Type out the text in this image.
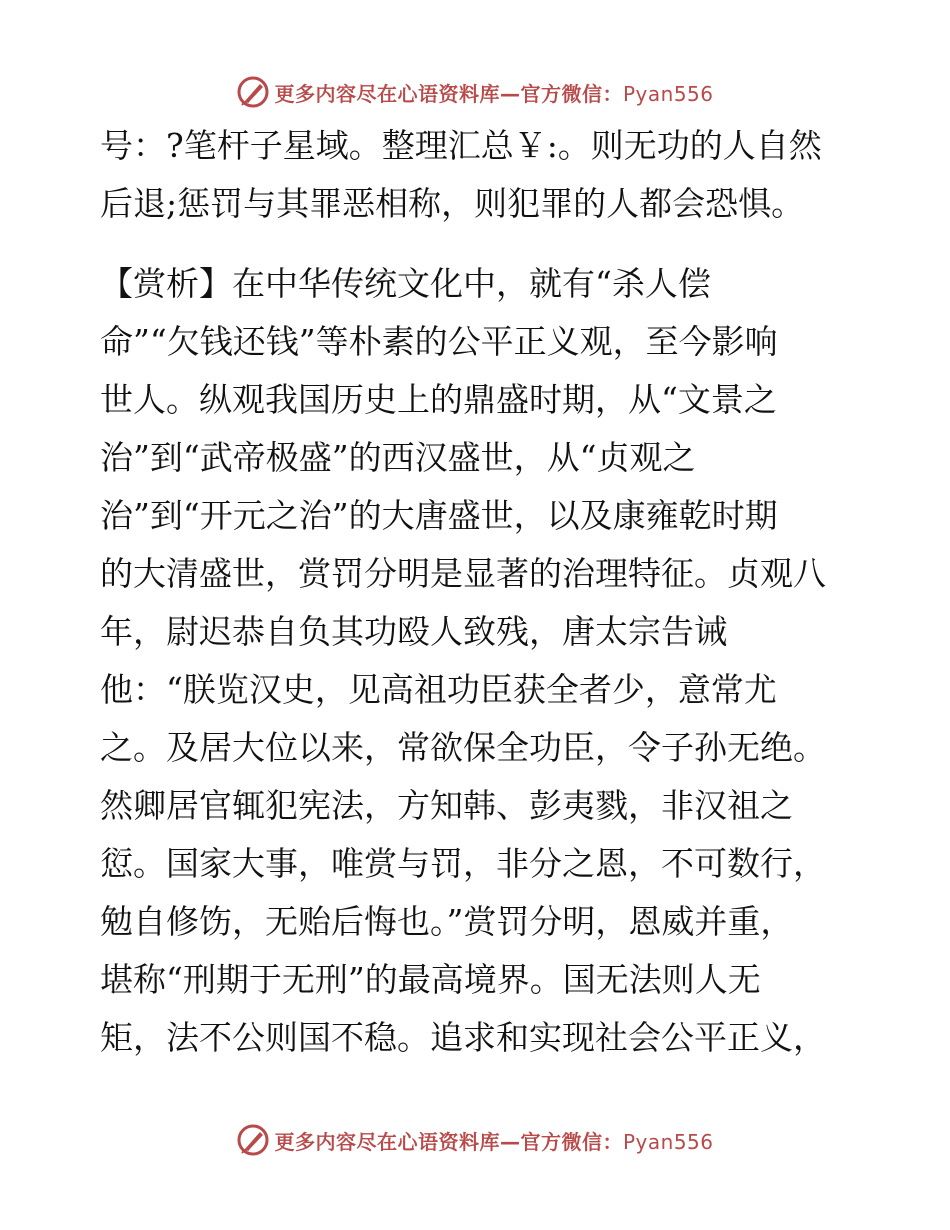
更多内容尽在心语资料库—官方微信：Pyan556
号：?笔杆子星域。整理汇总￥:。则无功的人自然
后退;惩罚与其罪恶相称，则犯罪的人都会恐惧。
【赏析】在中华传统文化中，就有“杀人偿
命”“欠钱还钱”等朴素的公平正义观，至今影响
世人。纵观我国历史上的鼎盛时期，从“文景之
治”到“武帝极盛”的西汉盛世，从“贞观之
治”到“开元之治”的大唐盛世，以及康雍乾时期
的大清盛世，赏罚分明是显著的治理特征。贞观八
年，尉迟恭自负其功殴人致残，唐太宗告诫
他：“朕览汉史，见高祖功臣获全者少，意常尤
之。及居大位以来，常欲保全功臣，令子孙无绝。
然卿居官辄犯宪法，方知韩、彭夷戮，非汉祖之
愆。国家大事，唯赏与罚，非分之恩，不可数行，
勉自修饬，无贻后悔也。”赏罚分明，恩威并重，
堪称“刑期于无刑”的最高境界。国无法则人无
矩，法不公则国不稳。追求和实现社会公平正义，
更多内容尽在心语资料库—官方微信：Pyan556
